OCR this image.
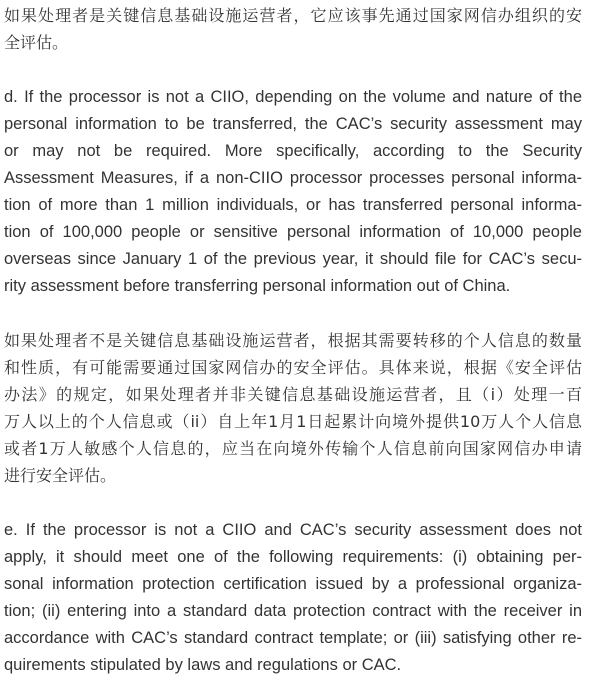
如果处理者是关键信息基础设施运营者，它应该事先通过国家网信办组织的安
全评估。
d. If the processor is not a CIIO, depending on the volume and nature of the
personal information to be transferred, the CAC’s security assessment may
or may not be required. More specifically, according to the Security
Assessment Measures, if a non-CIIO processor processes personal informa-
tion of more than 1 million individuals, or has transferred personal informa-
tion of 100,000 people or sensitive personal information of 10,000 people
overseas since January 1 of the previous year, it should file for CAC’s secu-
rity assessment before transferring personal information out of China.
如果处理者不是关键信息基础设施运营者，根据其需要转移的个人信息的数量
和性质，有可能需要通过国家网信办的安全评估。具体来说，根据《安全评估
办法》的规定，如果处理者并非关键信息基础设施运营者，且（i）处理一百
万人以上的个人信息或（ii）自上年1月1日起累计向境外提供10万人个人信息
或者1万人敏感个人信息的，应当在向境外传输个人信息前向国家网信办申请
进行安全评估。
e. If the processor is not a CIIO and CAC’s security assessment does not
apply, it should meet one of the following requirements: (i) obtaining per-
sonal information protection certification issued by a professional organiza-
tion; (ii) entering into a standard data protection contract with the receiver in
accordance with CAC’s standard contract template; or (iii) satisfying other re-
quirements stipulated by laws and regulations or CAC.
